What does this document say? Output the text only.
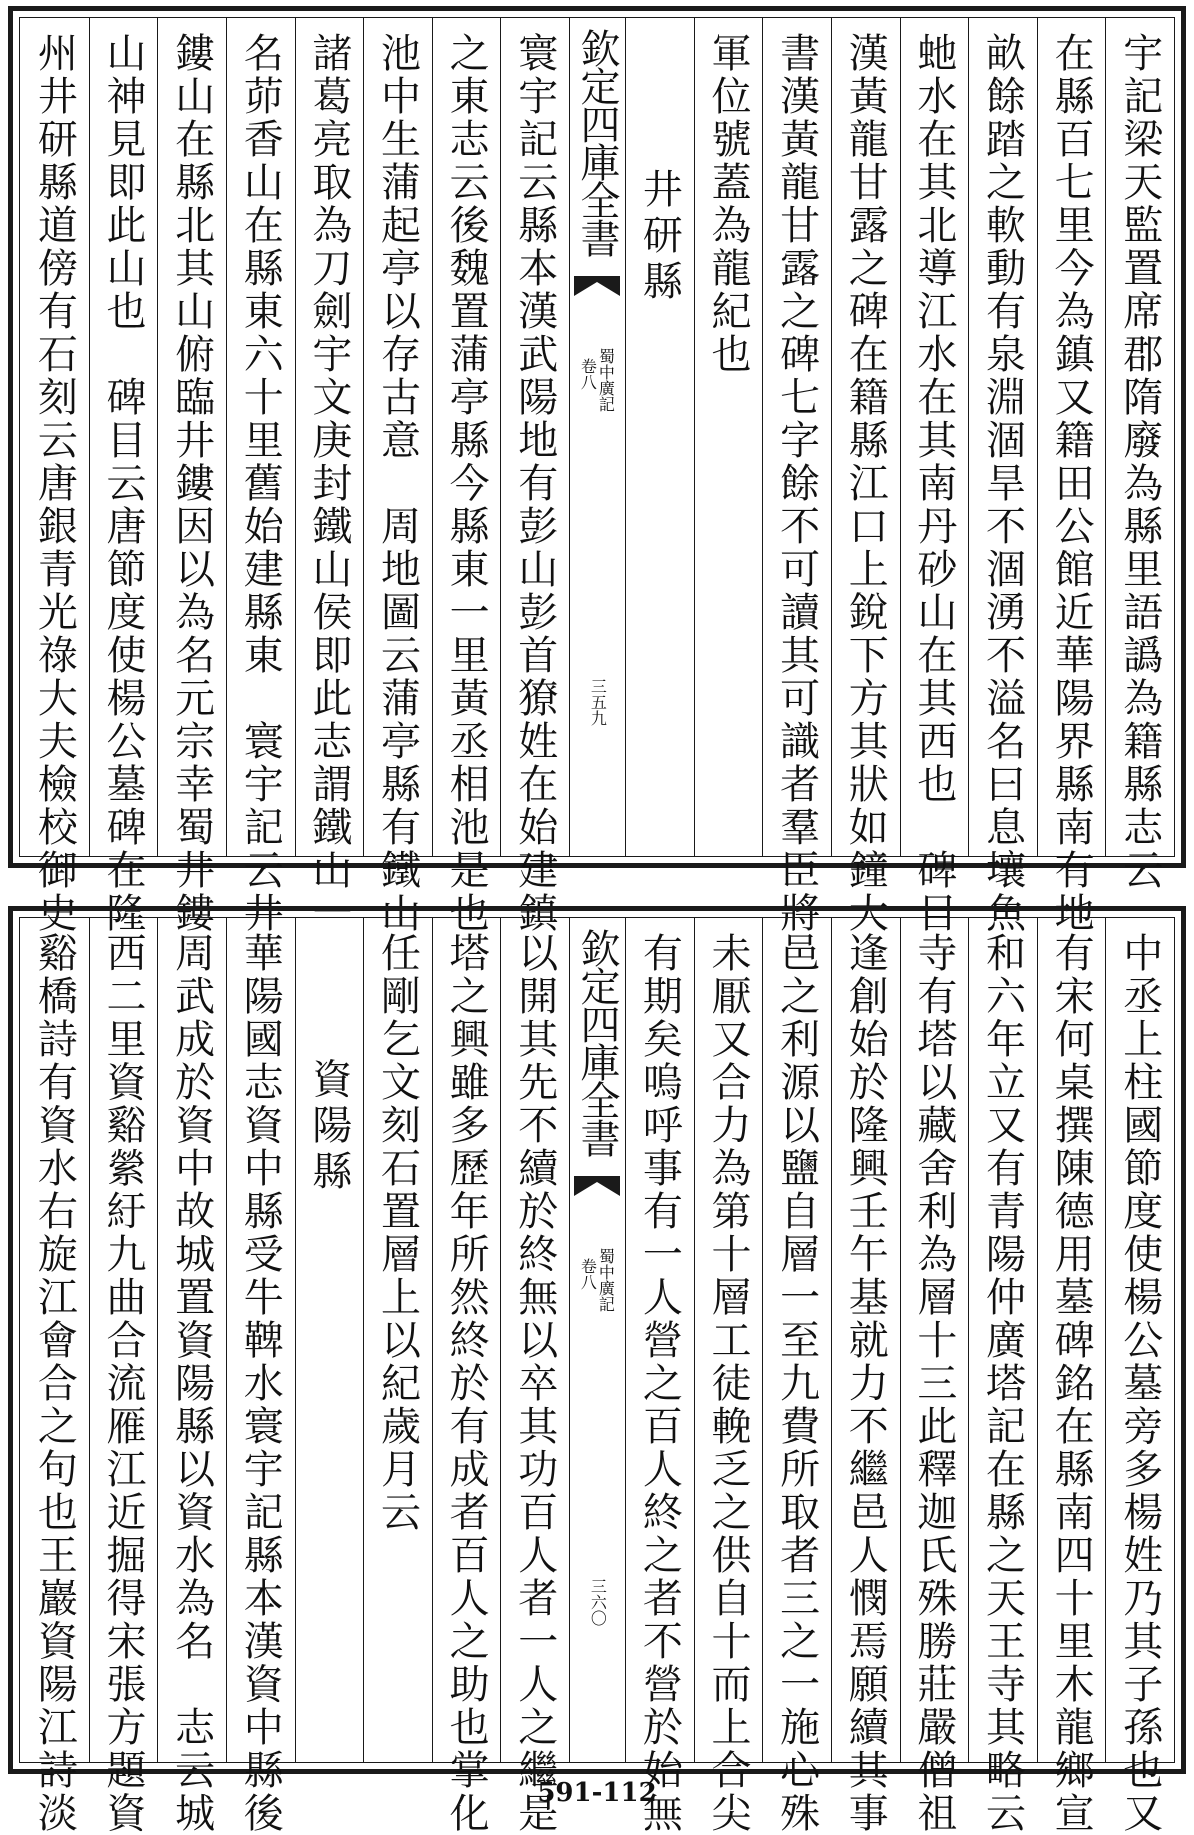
宇記梁天監置席郡隋廢為縣里語譌為籍縣志云
在縣百七里今為鎮又籍田公館近華陽界縣南有地
畝餘踏之軟動有泉淵涸旱不涸湧不溢名曰息壤魚
虵水在其北導江水在其南丹砂山在其西也　碑目
漢黃龍甘露之碑在籍縣江口上銳下方其狀如鐘大
書漢黃龍甘露之碑七字餘不可讀其可識者羣臣將
軍位號蓋為龍紀也
井研縣
欽定四庫全書
蜀中廣記
卷八
三五九
寰宇記云縣本漢武陽地有彭山彭首獠姓在始建鎮
之東志云後魏置蒲亭縣今縣東一里黃丞相池是也
池中生蒲起亭以存古意　周地圖云蒲亭縣有鐵山
諸葛亮取為刀劍宇文庚封鐵山侯即此志謂鐵山一
名茆香山在縣東六十里舊始建縣東　寰宇記云井
鏤山在縣北其山俯臨井鏤因以為名元宗幸蜀井鏤
山神見即此山也　碑目云唐節度使楊公墓碑在隆
州井研縣道傍有石刻云唐銀青光祿大夫檢校御史
中丞上柱國節度使楊公墓旁多楊姓乃其子孫也又
有宋何桌撰陳德用墓碑銘在縣南四十里木龍鄉宣
和六年立又有青陽仲廣塔記在縣之天王寺其略云
寺有塔以藏舍利為層十三此釋迦氏殊勝莊嚴僧祖
逢創始於隆興壬午基就力不繼邑人憫焉願續其事
邑之利源以鹽自層一至九費所取者三之一施心殊
未厭又合力為第十層工徒輓乏之供自十而上合尖
有期矣嗚呼事有一人營之百人終之者不營於始無
欽定四庫全書
蜀中廣記
卷八
三六〇
以開其先不續於終無以卒其功百人者一人之繼是
塔之興雖多歷年所然終於有成者百人之助也掌化
任剛乞文刻石置層上以紀歲月云
資陽縣
華陽國志資中縣受牛鞞水寰宇記縣本漢資中縣後
周武成於資中故城置資陽縣以資水為名　志云城
西二里資谿縈紆九曲合流雁江近掘得宋張方題資
谿橋詩有資水右旋江會合之句也王巖資陽江詩淡	591-112
